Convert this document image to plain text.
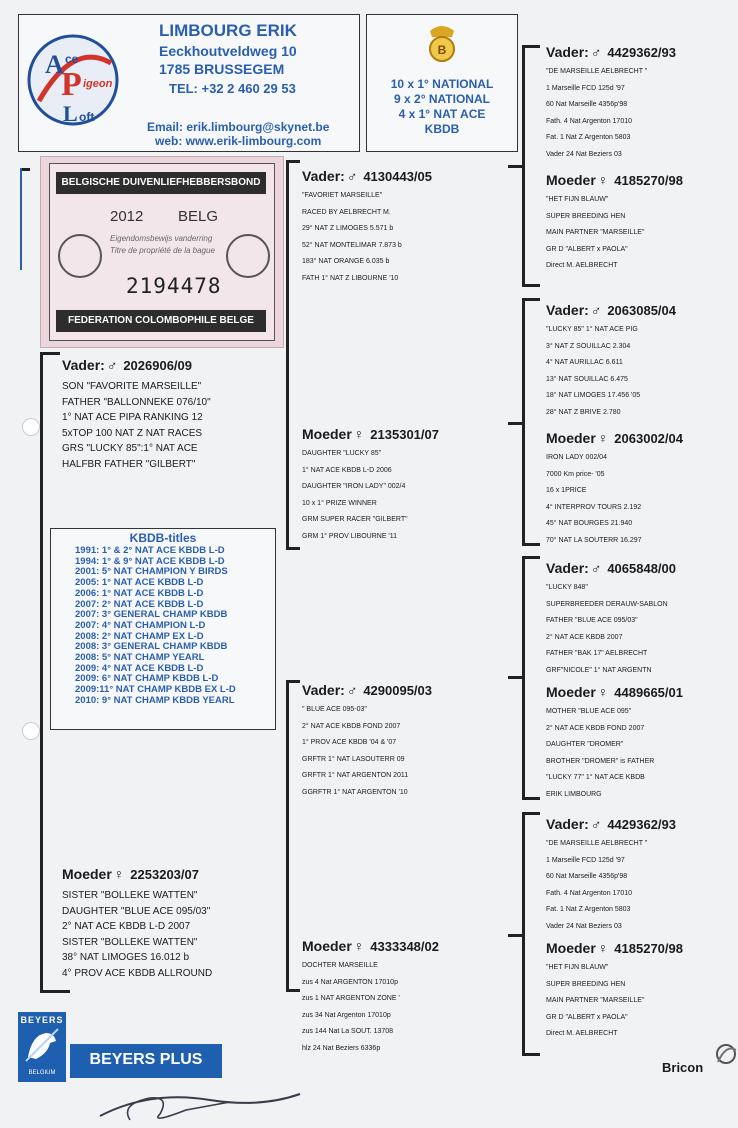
A ce
P igeon
L oft
LIMBOURG ERIK
Eeckhoutveldweg 10
1785 BRUSSEGEM
TEL: +32 2 460 29 53
Email: erik.limbourg@skynet.be
web: www.erik-limbourg.com
B
10 x 1° NATIONAL
9 x 2° NATIONAL
4 x 1° NAT ACE
KBDB
BELGISCHE DUIVENLIEFHEBBERSBOND
2012 BELG
Eigendomsbewijs vanderring
Titre de propriété de la bague
2194478
FEDERATION COLOMBOPHILE BELGE
Vader: ♂ 2026906/09
SON "FAVORITE MARSEILLE"
FATHER "BALLONNEKE 076/10"
1° NAT ACE PIPA RANKING 12
5xTOP 100 NAT Z NAT RACES
GRS "LUCKY 85":1° NAT ACE
HALFBR FATHER "GILBERT"
Moeder ♀ 2253203/07
SISTER "BOLLEKE WATTEN"
DAUGHTER "BLUE ACE 095/03"
2° NAT ACE KBDB L-D 2007
SISTER "BOLLEKE WATTEN"
38° NAT LIMOGES 16.012 b
4° PROV ACE KBDB ALLROUND
KBDB-titles
1991: 1° & 2° NAT ACE KBDB L-D
1994: 1° & 9° NAT ACE KBDB L-D
2001: 5° NAT CHAMPION Y BIRDS
2005: 1° NAT ACE KBDB L-D
2006: 1° NAT ACE KBDB L-D
2007: 2° NAT ACE KBDB L-D
2007: 3° GENERAL CHAMP KBDB
2007: 4° NAT CHAMPION L-D
2008: 2° NAT CHAMP EX L-D
2008: 3° GENERAL CHAMP KBDB
2008: 5° NAT CHAMP YEARL
2009: 4° NAT ACE KBDB L-D
2009: 6° NAT CHAMP KBDB L-D
2009:11° NAT CHAMP KBDB EX L-D
2010: 9° NAT CHAMP KBDB YEARL
Vader: ♂ 4130443/05
"FAVORIET MARSEILLE"
RACED BY AELBRECHT M.
29° NAT Z LIMOGES 5.571 b
52° NAT MONTELIMAR 7.873 b
183° NAT ORANGE 6.035 b
FATH 1° NAT Z LIBOURNE '10
Moeder ♀ 2135301/07
DAUGHTER "LUCKY 85"
1° NAT ACE KBDB L-D 2006
DAUGHTER "IRON LADY" 002/4
10 x 1° PRIZE WINNER
GRM SUPER RACER "GILBERT"
GRM 1° PROV LIBOURNE '11
Vader: ♂ 4290095/03
" BLUE ACE 095-03"
2° NAT ACE KBDB FOND 2007
1° PROV ACE KBDB '04 & '07
GRFTR 1° NAT LASOUTERR 09
GRFTR 1° NAT ARGENTON 2011
GGRFTR 1° NAT ARGENTON '10
Moeder ♀ 4333348/02
DOCHTER MARSEILLE
zus 4 Nat ARGENTON 17010p
zus 1 NAT ARGENTON ZONE '
zus 34 Nat Argenton 17010p
zus 144 Nat La SOUT. 13708
hlz 24 Nat Beziers 6336p
Vader: ♂ 4429362/93
"DE MARSEILLE AELBRECHT "
1 Marseille FCD 125d '97
60 Nat Marseille 4356p'98
Fath. 4 Nat Argenton 17010
Fat. 1 Nat Z Argenton 5803
Vader 24 Nat Beziers 03
Moeder ♀ 4185270/98
"HET FIJN BLAUW"
SUPER BREEDING HEN
MAIN PARTNER "MARSEILLE"
GR D "ALBERT x PAOLA"
Direct M. AELBRECHT
Vader: ♂ 2063085/04
"LUCKY 85" 1° NAT ACE PIG
3° NAT Z SOUILLAC 2.304
4° NAT AURILLAC 6.611
13° NAT SOUILLAC 6.475
18° NAT LIMOGES 17.456 '05
28° NAT Z BRIVE 2.780
Moeder ♀ 2063002/04
IRON LADY 002/04
7000 Km price- '05
16 x 1PRICE
4° INTERPROV TOURS 2.192
45° NAT BOURGES 21.940
70° NAT LA SOUTERR 16.297
Vader: ♂ 4065848/00
"LUCKY 848"
SUPERBREEDER DERAUW-SABLON
FATHER "BLUE ACE 095/03"
2° NAT ACE KBDB 2007
FATHER "BAK 17" AELBRECHT
GRF"NICOLE" 1° NAT ARGENTN
Moeder ♀ 4489665/01
MOTHER "BLUE ACE 095"
2° NAT ACE KBDB FOND 2007
DAUGHTER "DROMER"
BROTHER "DROMER" is FATHER
"LUCKY 77" 1° NAT ACE KBDB
ERIK LIMBOURG
Vader: ♂ 4429362/93
"DE MARSEILLE AELBRECHT "
1 Marseille FCD 125d '97
60 Nat Marseille 4356p'98
Fath. 4 Nat Argenton 17010
Fat. 1 Nat Z Argenton 5803
Vader 24 Nat Beziers 03
Moeder ♀ 4185270/98
"HET FIJN BLAUW"
SUPER BREEDING HEN
MAIN PARTNER "MARSEILLE"
GR D "ALBERT x PAOLA"
Direct M. AELBRECHT
BEYERS
BELGIUM
BEYERS PLUS	Bricon
